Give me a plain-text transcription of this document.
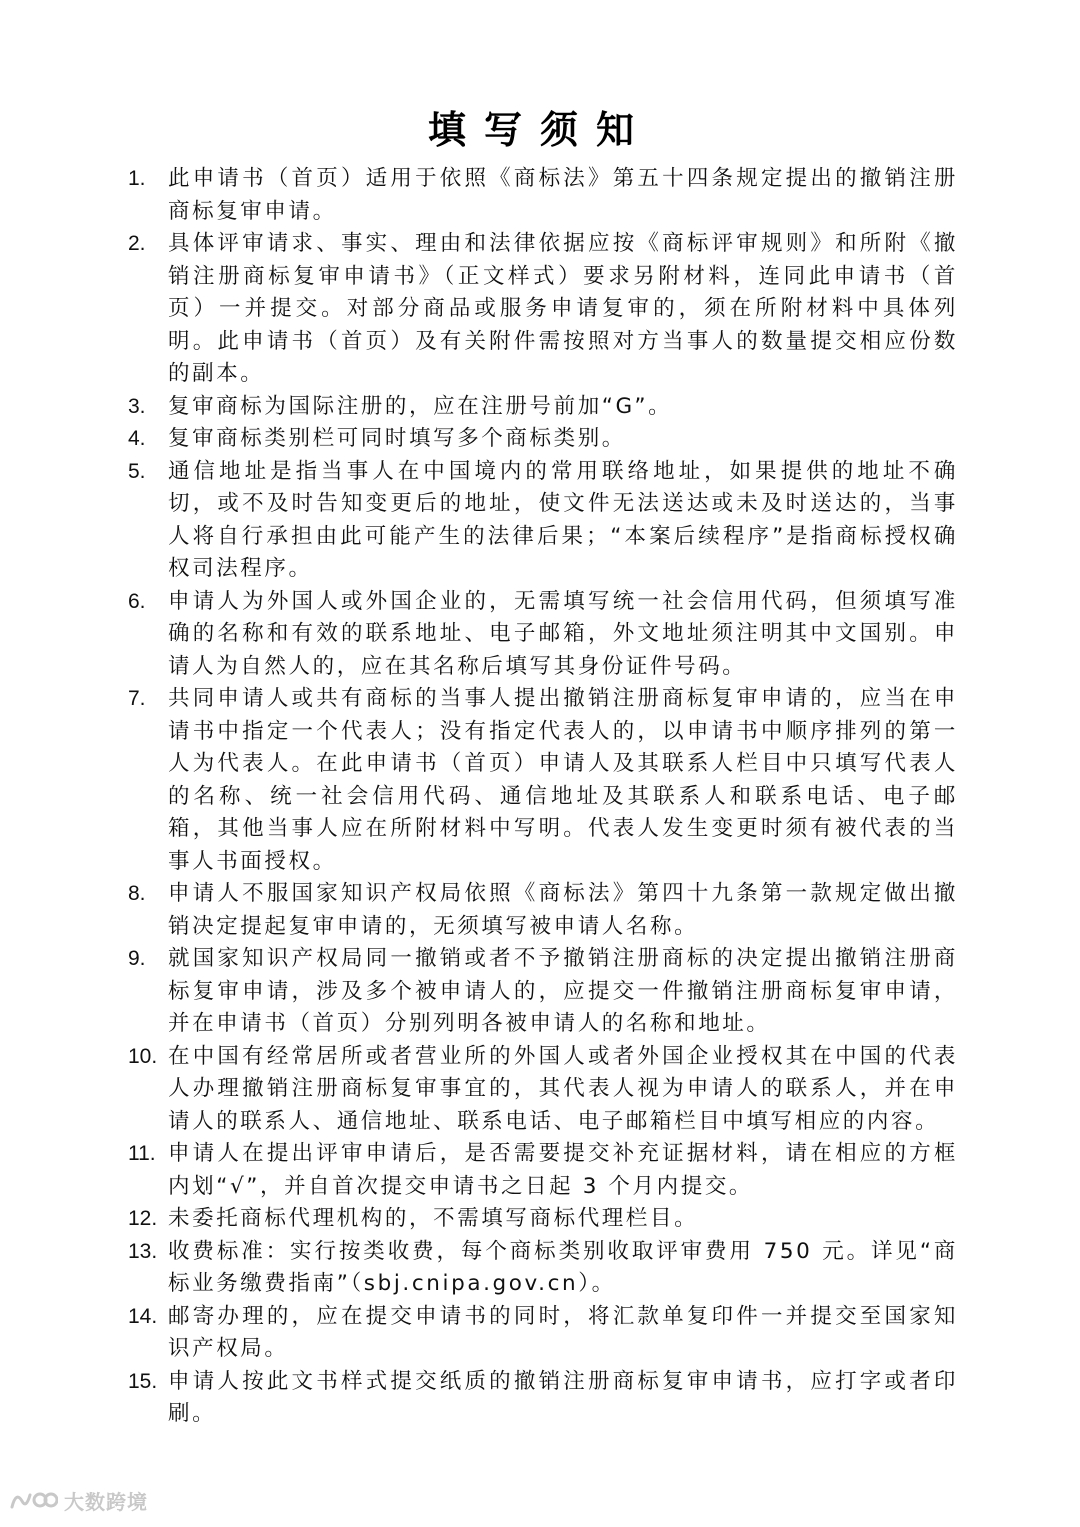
填写须知
1.	此申请书（首页）适用于依照《商标法》第五十四条规定提出的撤销注册商标复审申请。
2.	具体评审请求、事实、理由和法律依据应按《商标评审规则》和所附《撤销注册商标复审申请书》（正文样式）要求另附材料，连同此申请书（首页）一并提交。对部分商品或服务申请复审的，须在所附材料中具体列明。此申请书（首页）及有关附件需按照对方当事人的数量提交相应份数的副本。
3.	复审商标为国际注册的，应在注册号前加“G”。
4.	复审商标类别栏可同时填写多个商标类别。
5.	通信地址是指当事人在中国境内的常用联络地址，如果提供的地址不确切，或不及时告知变更后的地址，使文件无法送达或未及时送达的，当事人将自行承担由此可能产生的法律后果；“本案后续程序”是指商标授权确权司法程序。
6.	申请人为外国人或外国企业的，无需填写统一社会信用代码，但须填写准确的名称和有效的联系地址、电子邮箱，外文地址须注明其中文国别。申请人为自然人的，应在其名称后填写其身份证件号码。
7.	共同申请人或共有商标的当事人提出撤销注册商标复审申请的，应当在申请书中指定一个代表人；没有指定代表人的，以申请书中顺序排列的第一人为代表人。在此申请书（首页）申请人及其联系人栏目中只填写代表人的名称、统一社会信用代码、通信地址及其联系人和联系电话、电子邮箱，其他当事人应在所附材料中写明。代表人发生变更时须有被代表的当事人书面授权。
8.	申请人不服国家知识产权局依照《商标法》第四十九条第一款规定做出撤销决定提起复审申请的，无须填写被申请人名称。
9.	就国家知识产权局同一撤销或者不予撤销注册商标的决定提出撤销注册商标复审申请，涉及多个被申请人的，应提交一件撤销注册商标复审申请，并在申请书（首页）分别列明各被申请人的名称和地址。
10. 在中国有经常居所或者营业所的外国人或者外国企业授权其在中国的代表人办理撤销注册商标复审事宜的，其代表人视为申请人的联系人，并在申请人的联系人、通信地址、联系电话、电子邮箱栏目中填写相应的内容。
11. 申请人在提出评审申请后，是否需要提交补充证据材料，请在相应的方框内划“√”，并自首次提交申请书之日起 3 个月内提交。
12. 未委托商标代理机构的，不需填写商标代理栏目。
13. 收费标准：实行按类收费，每个商标类别收取评审费用 750 元。详见“商标业务缴费指南”（sbj.cnipa.gov.cn）。
14. 邮寄办理的，应在提交申请书的同时，将汇款单复印件一并提交至国家知识产权局。
15. 申请人按此文书样式提交纸质的撤销注册商标复审申请书，应打字或者印刷。
大数跨境
